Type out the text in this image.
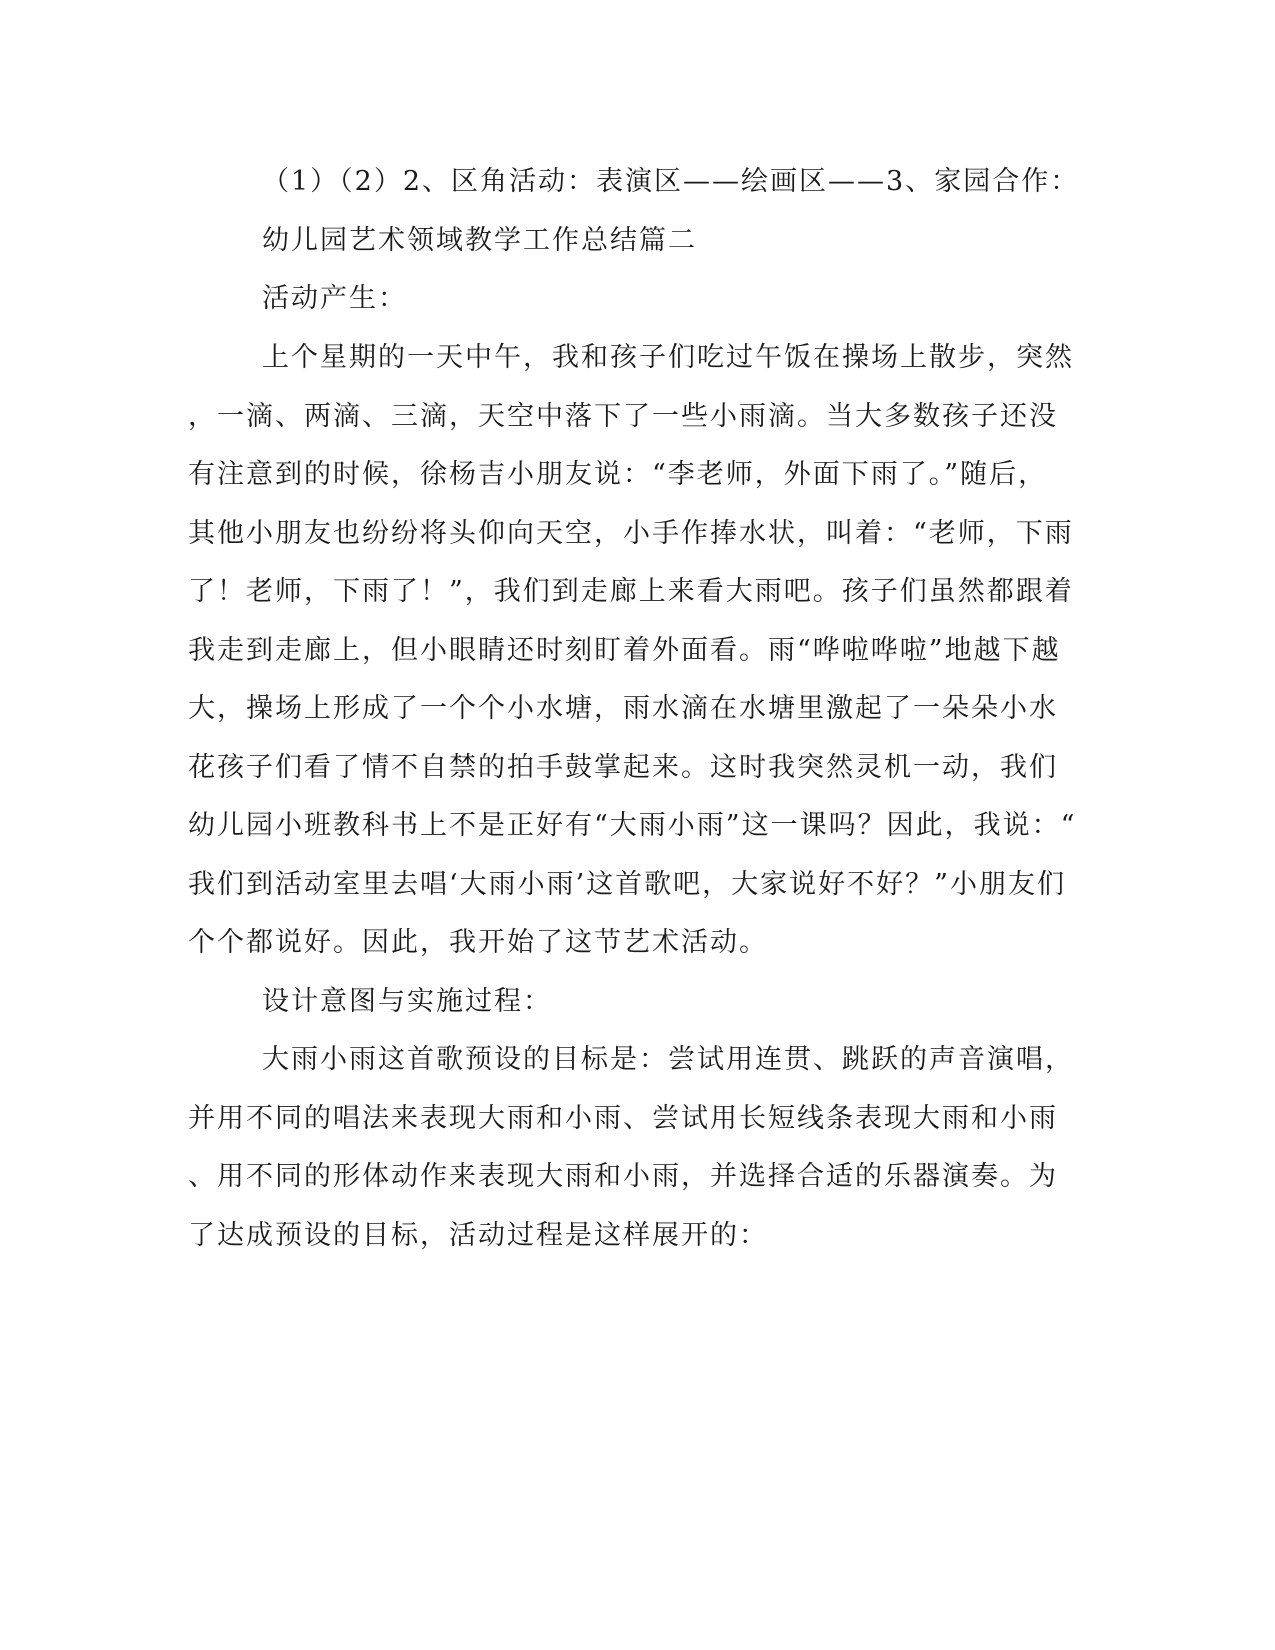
（1）（2）2、区角活动：表演区——绘画区——3、家园合作：
幼儿园艺术领域教学工作总结篇二
活动产生：
上个星期的一天中午，我和孩子们吃过午饭在操场上散步，突然
，一滴、两滴、三滴，天空中落下了一些小雨滴。当大多数孩子还没
有注意到的时候，徐杨吉小朋友说：“李老师，外面下雨了。”随后，
其他小朋友也纷纷将头仰向天空，小手作捧水状，叫着：“老师，下雨
了！老师，下雨了！”，我们到走廊上来看大雨吧。孩子们虽然都跟着
我走到走廊上，但小眼睛还时刻盯着外面看。雨“哗啦哗啦”地越下越
大，操场上形成了一个个小水塘，雨水滴在水塘里激起了一朵朵小水
花孩子们看了情不自禁的拍手鼓掌起来。这时我突然灵机一动，我们
幼儿园小班教科书上不是正好有“大雨小雨”这一课吗？因此，我说：“
我们到活动室里去唱‘大雨小雨’这首歌吧，大家说好不好？”小朋友们
个个都说好。因此，我开始了这节艺术活动。
设计意图与实施过程：
大雨小雨这首歌预设的目标是：尝试用连贯、跳跃的声音演唱，
并用不同的唱法来表现大雨和小雨、尝试用长短线条表现大雨和小雨
、用不同的形体动作来表现大雨和小雨，并选择合适的乐器演奏。为
了达成预设的目标，活动过程是这样展开的：
